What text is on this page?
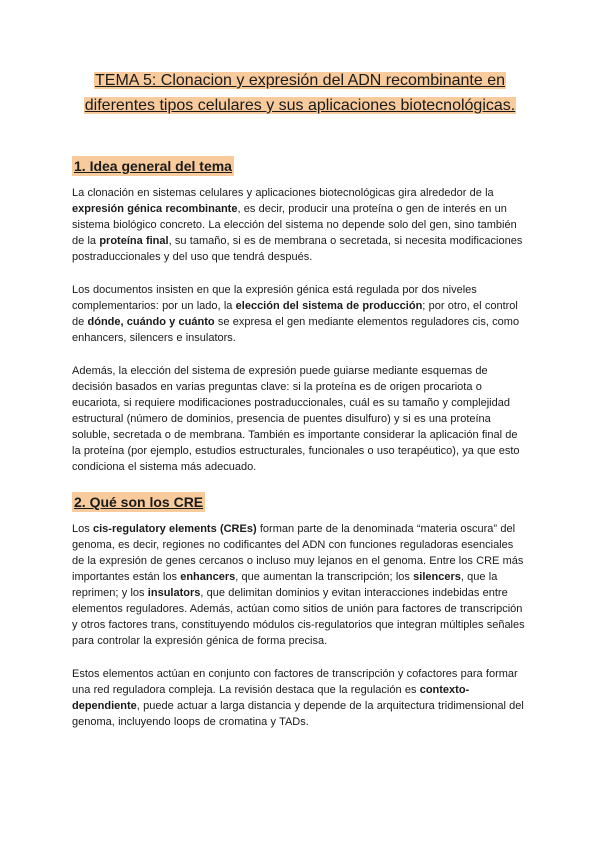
TEMA 5: Clonacion y expresión del ADN recombinante en diferentes tipos celulares y sus aplicaciones biotecnológicas.
1. Idea general del tema

La clonación en sistemas celulares y aplicaciones biotecnológicas gira alrededor de la expresión génica recombinante, es decir, producir una proteína o gen de interés en un sistema biológico concreto. La elección del sistema no depende solo del gen, sino también de la proteína final, su tamaño, si es de membrana o secretada, si necesita modificaciones postraduccionales y del uso que tendrá después.

Los documentos insisten en que la expresión génica está regulada por dos niveles complementarios: por un lado, la elección del sistema de producción; por otro, el control de dónde, cuándo y cuánto se expresa el gen mediante elementos reguladores cis, como enhancers, silencers e insulators.

Además, la elección del sistema de expresión puede guiarse mediante esquemas de decisión basados en varias preguntas clave: si la proteína es de origen procariota o eucariota, si requiere modificaciones postraduccionales, cuál es su tamaño y complejidad estructural (número de dominios, presencia de puentes disulfuro) y si es una proteína soluble, secretada o de membrana. También es importante considerar la aplicación final de la proteína (por ejemplo, estudios estructurales, funcionales o uso terapéutico), ya que esto condiciona el sistema más adecuado.

2. Qué son los CRE

Los cis-regulatory elements (CREs) forman parte de la denominada “materia oscura” del genoma, es decir, regiones no codificantes del ADN con funciones reguladoras esenciales de la expresión de genes cercanos o incluso muy lejanos en el genoma. Entre los CRE más importantes están los enhancers, que aumentan la transcripción; los silencers, que la reprimen; y los insulators, que delimitan dominios y evitan interacciones indebidas entre elementos reguladores. Además, actúan como sitios de unión para factores de transcripción y otros factores trans, constituyendo módulos cis-regulatorios que integran múltiples señales para controlar la expresión génica de forma precisa.

Estos elementos actúan en conjunto con factores de transcripción y cofactores para formar una red reguladora compleja. La revisión destaca que la regulación es contexto-dependiente, puede actuar a larga distancia y depende de la arquitectura tridimensional del genoma, incluyendo loops de cromatina y TADs.
